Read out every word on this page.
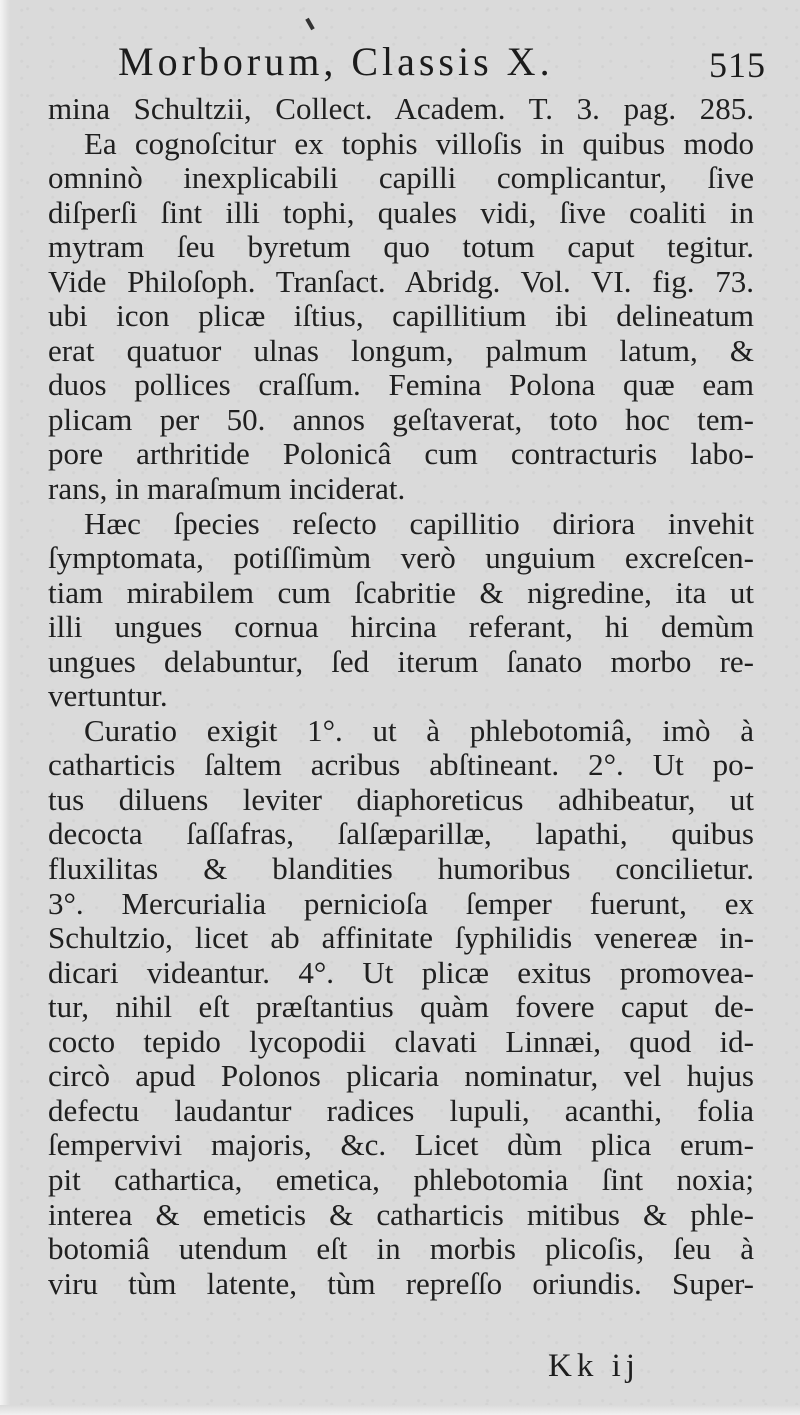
Morborum, Classis X.	515
mina Schultzii, Collect. Academ. T. 3. pag. 285.
Ea cognoſcitur ex tophis villoſis in quibus modo
omninò inexplicabili capilli complicantur, ſive
diſperſi ſint illi tophi, quales vidi, ſive coaliti in
mytram ſeu byretum quo totum caput tegitur.
Vide Philoſoph. Tranſact. Abridg. Vol. VI. fig. 73.
ubi icon plicæ iſtius, capillitium ibi delineatum
erat quatuor ulnas longum, palmum latum, &
duos pollices craſſum. Femina Polona quæ eam
plicam per 50. annos geſtaverat, toto hoc tem-
pore arthritide Polonicâ cum contracturis labo-
rans, in maraſmum inciderat.
Hæc ſpecies reſecto capillitio diriora invehit
ſymptomata, potiſſimùm verò unguium excreſcen-
tiam mirabilem cum ſcabritie & nigredine, ita ut
illi ungues cornua hircina referant, hi demùm
ungues delabuntur, ſed iterum ſanato morbo re-
vertuntur.
Curatio exigit 1°. ut à phlebotomiâ, imò à
catharticis ſaltem acribus abſtineant. 2°. Ut po-
tus diluens leviter diaphoreticus adhibeatur, ut
decocta ſaſſafras, ſalſæparillæ, lapathi, quibus
fluxilitas & blandities humoribus concilietur.
3°. Mercurialia pernicioſa ſemper fuerunt, ex
Schultzio, licet ab affinitate ſyphilidis venereæ in-
dicari videantur. 4°. Ut plicæ exitus promovea-
tur, nihil eſt præſtantius quàm fovere caput de-
cocto tepido lycopodii clavati Linnæi, quod id-
circò apud Polonos plicaria nominatur, vel hujus
defectu laudantur radices lupuli, acanthi, folia
ſempervivi majoris, &c. Licet dùm plica erum-
pit cathartica, emetica, phlebotomia ſint noxia;
interea & emeticis & catharticis mitibus & phle-
botomiâ utendum eſt in morbis plicoſis, ſeu à
viru tùm latente, tùm repreſſo oriundis. Super-
Kk ij
